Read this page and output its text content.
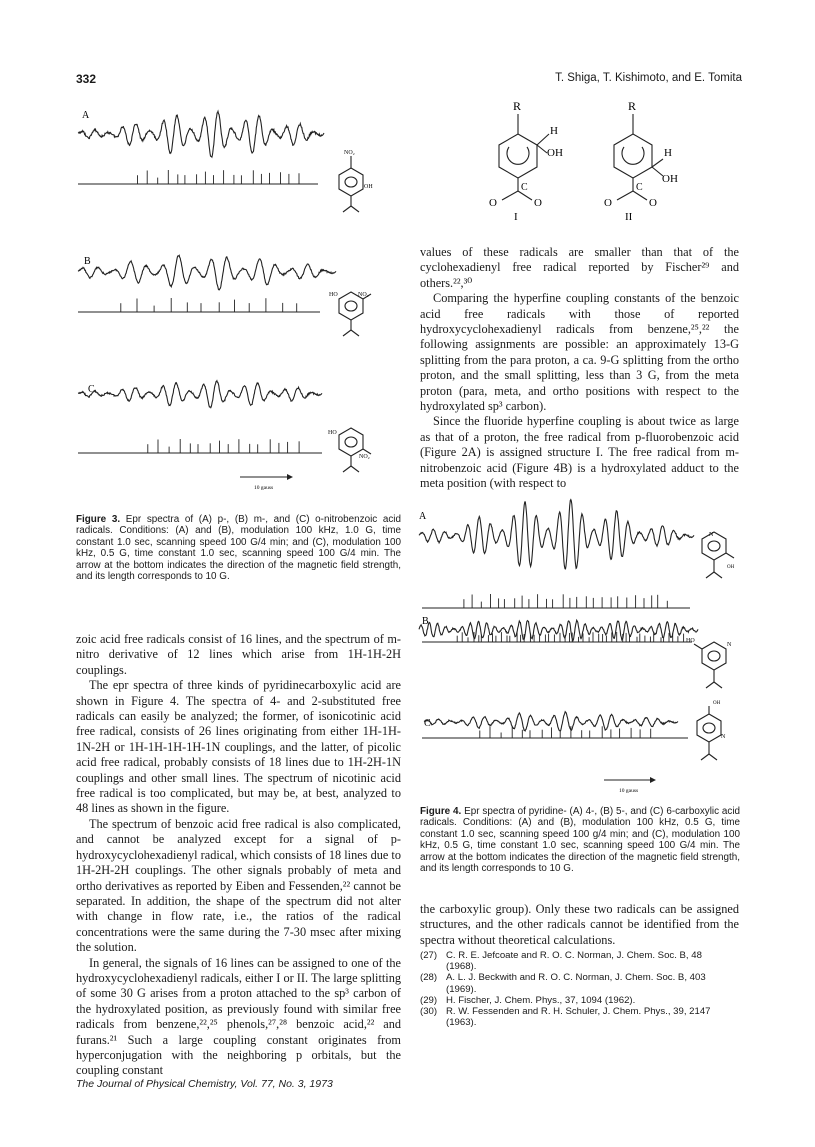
332	T. Shiga, T. Kishimoto, and E. Tomita
A
NO₂
OH
B
NO₂
HO
C
NO₂
HO
10 gauss
R
H
OH
O
C
O
I
R
H
OH
O
C
O
II
Figure 3. Epr spectra of (A) p-, (B) m-, and (C) o-nitrobenzoic acid radicals. Conditions: (A) and (B), modulation 100 kHz, 1.0 G, time constant 1.0 sec, scanning speed 100 G/4 min; and (C), modulation 100 kHz, 0.5 G, time constant 1.0 sec, scanning speed 100 G/4 min. The arrow at the bottom indicates the direction of the magnetic field strength, and its length corresponds to 10 G.

zoic acid free radicals consist of 16 lines, and the spectrum of m-nitro derivative of 12 lines which arise from 1H-1H-2H couplings.

The epr spectra of three kinds of pyridinecarboxylic acid are shown in Figure 4. The spectra of 4- and 2-substituted free radicals can easily be analyzed; the former, of isonicotinic acid free radical, consists of 26 lines originating from either 1H-1H-1N-2H or 1H-1H-1H-1H-1N couplings, and the latter, of picolic acid free radical, probably consists of 18 lines due to 1H-2H-1N couplings and other small lines. The spectrum of nicotinic acid free radical is too complicated, but may be, at best, analyzed to 48 lines as shown in the figure.

The spectrum of benzoic acid free radical is also complicated, and cannot be analyzed except for a signal of p-hydroxycyclohexadienyl radical, which consists of 18 lines due to 1H-2H-2H couplings. The other signals probably of meta and ortho derivatives as reported by Eiben and Fessenden,²² cannot be separated. In addition, the shape of the spectrum did not alter with change in flow rate, i.e., the ratios of the radical concentrations were the same during the 7-30 msec after mixing the solution.

In general, the signals of 16 lines can be assigned to one of the hydroxycyclohexadienyl radicals, either I or II. The large splitting of some 30 G arises from a proton attached to the sp³ carbon of the hydroxylated position, as previously found with similar free radicals from benzene,²²,²⁵ phenols,²⁷,²⁸ benzoic acid,²² and furans.²¹ Such a large coupling constant originates from hyperconjugation with the neighboring p orbitals, but the coupling constant

values of these radicals are smaller than that of the cyclohexadienyl free radical reported by Fischer²⁹ and others.²²,³⁰

Comparing the hyperfine coupling constants of the benzoic acid free radicals with those of reported hydroxycyclohexadienyl radicals from benzene,²⁵,²² the following assignments are possible: an approximately 13-G splitting from the para proton, a ca. 9-G splitting from the ortho proton, and the small splitting, less than 3 G, from the meta proton (para, meta, and ortho positions with respect to the hydroxylated sp³ carbon).

Since the fluoride hyperfine coupling is about twice as large as that of a proton, the free radical from p-fluorobenzoic acid (Figure 2A) is assigned structure I. The free radical from m-nitrobenzoic acid (Figure 4B) is a hydroxylated adduct to the meta position (with respect to

A
N
OH
B
HO
N
C
OH
N
10 gauss
Figure 4. Epr spectra of pyridine- (A) 4-, (B) 5-, and (C) 6-carboxylic acid radicals. Conditions: (A) and (B), modulation 100 kHz, 0.5 G, time constant 1.0 sec, scanning speed 100 g/4 min; and (C), modulation 100 kHz, 0.5 G, time constant 1.0 sec, scanning speed 100 G/4 min. The arrow at the bottom indicates the direction of the magnetic field strength, and its length corresponds to 10 G.

the carboxylic group). Only these two radicals can be assigned structures, and the other radicals cannot be identified from the spectra without theoretical calculations.

(27) C. R. E. Jefcoate and R. O. C. Norman, J. Chem. Soc. B, 48
(1968).
(28) A. L. J. Beckwith and R. O. C. Norman, J. Chem. Soc. B, 403
(1969).
(29) H. Fischer, J. Chem. Phys., 37, 1094 (1962).
(30) R. W. Fessenden and R. H. Schuler, J. Chem. Phys., 39, 2147
(1963).
The Journal of Physical Chemistry, Vol. 77, No. 3, 1973
